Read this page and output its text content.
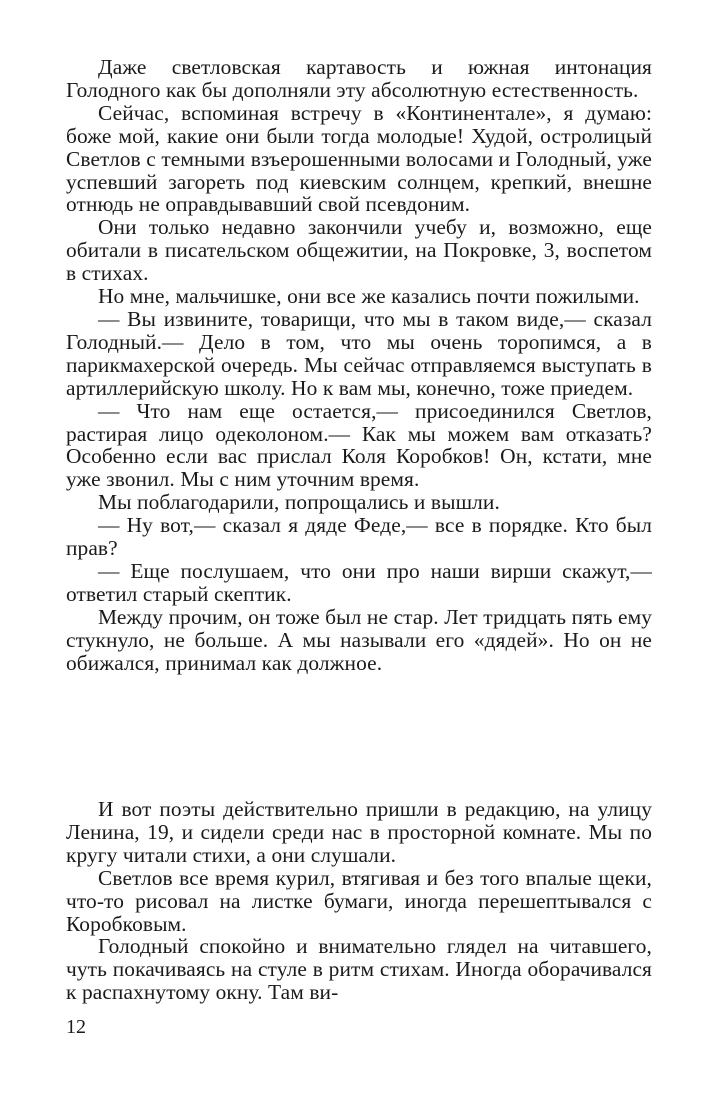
Даже светловская картавость и южная интонация Голодного как бы дополняли эту абсолютную естественность.

Сейчас, вспоминая встречу в «Континентале», я думаю: боже мой, какие они были тогда молодые! Худой, остролицый Светлов с темными взъерошенными волосами и Голодный, уже успевший загореть под киевским солнцем, крепкий, внешне отнюдь не оправдывавший свой псевдоним.

Они только недавно закончили учебу и, возможно, еще обитали в писательском общежитии, на Покровке, 3, воспетом в стихах.

Но мне, мальчишке, они все же казались почти пожилыми.

— Вы извините, товарищи, что мы в таком виде,— сказал Голодный.— Дело в том, что мы очень торопимся, а в парикмахерской очередь. Мы сейчас отправляемся выступать в артиллерийскую школу. Но к вам мы, конечно, тоже приедем.

— Что нам еще остается,— присоединился Светлов, растирая лицо одеколоном.— Как мы можем вам отказать? Особенно если вас прислал Коля Коробков! Он, кстати, мне уже звонил. Мы с ним уточним время.

Мы поблагодарили, попрощались и вышли.

— Ну вот,— сказал я дяде Феде,— все в порядке. Кто был прав?

— Еще послушаем, что они про наши вирши скажут,— ответил старый скептик.

Между прочим, он тоже был не стар. Лет тридцать пять ему стукнуло, не больше. А мы называли его «дядей». Но он не обижался, принимал как должное.

И вот поэты действительно пришли в редакцию, на улицу Ленина, 19, и сидели среди нас в просторной комнате. Мы по кругу читали стихи, а они слушали.

Светлов все время курил, втягивая и без того впалые щеки, что-то рисовал на листке бумаги, иногда перешептывался с Коробковым.

Голодный спокойно и внимательно глядел на читавшего, чуть покачиваясь на стуле в ритм стихам. Иногда оборачивался к распахнутому окну. Там ви-

12
